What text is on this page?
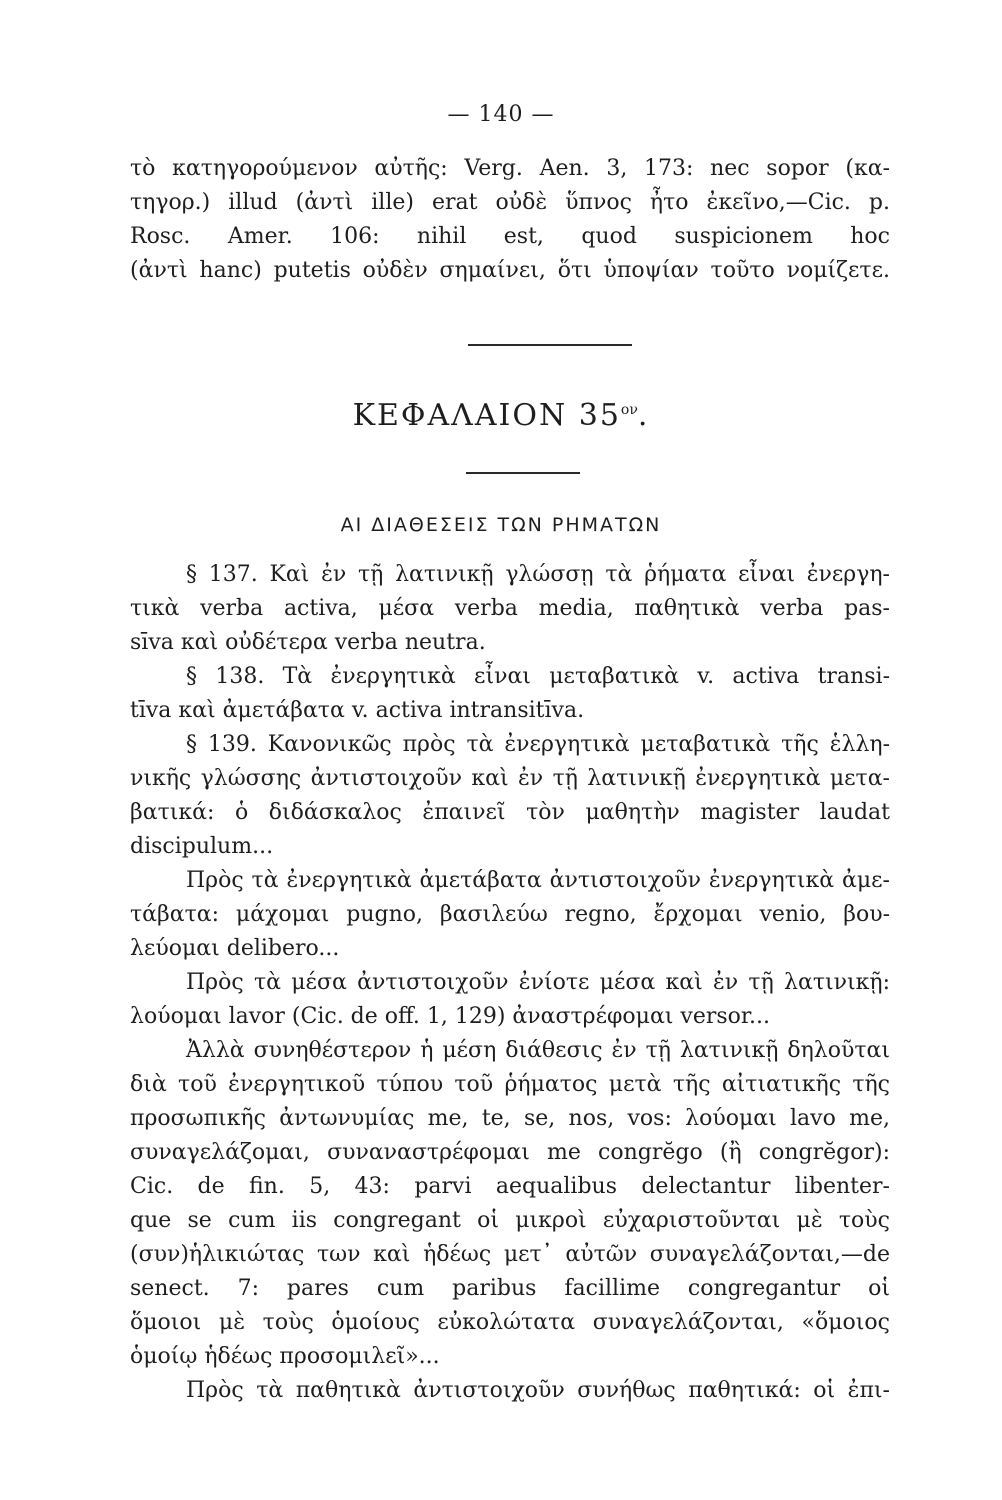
— 140 —
τὸ κατηγορούμενον αὐτῆς: Verg. Aen. 3, 173: nec sopor (κα-
τηγορ.) illud (ἀντὶ ille) erat οὐδὲ ὕπνος ἦτο ἐκεῖνο,—Cic. p.
Rosc. Amer. 106: nihil est, quod suspicionem hoc
(ἀντὶ hanc) putetis οὐδὲν σημαίνει, ὅτι ὑποψίαν τοῦτο νομίζετε.
ΚΕΦΑΛΑΙΟΝ $35^{o\nu}$.
ΑΙ ΔΙΑΘΕΣΕΙΣ ΤΩΝ ΡΗΜΑΤΩΝ
§ 137. Καὶ ἐν τῇ λατινικῇ γλώσσῃ τὰ ῥήματα εἶναι ἐνεργη-
τικὰ verba activa, μέσα verba media, παθητικὰ verba pas-
sīva καὶ οὐδέτερα verba neutra.
§ 138. Τὰ ἐνεργητικὰ εἶναι μεταβατικὰ v. activa transi-
tīva καὶ ἀμετάβατα v. activa intransitīva.
§ 139. Κανονικῶς πρὸς τὰ ἐνεργητικὰ μεταβατικὰ τῆς ἑλλη-
νικῆς γλώσσης ἀντιστοιχοῦν καὶ ἐν τῇ λατινικῇ ἐνεργητικὰ μετα-
βατικά: ὁ διδάσκαλος ἐπαινεῖ τὸν μαθητὴν magister laudat
discipulum...
Πρὸς τὰ ἐνεργητικὰ ἀμετάβατα ἀντιστοιχοῦν ἐνεργητικὰ ἀμε-
τάβατα: μάχομαι pugno, βασιλεύω regno, ἔρχομαι venio, βου-
λεύομαι delibero...
Πρὸς τὰ μέσα ἀντιστοιχοῦν ἐνίοτε μέσα καὶ ἐν τῇ λατινικῇ:
λούομαι lavor (Cic. de off. 1, 129) ἀναστρέφομαι versor...
Ἀλλὰ συνηθέστερον ἡ μέση διάθεσις ἐν τῇ λατινικῇ δηλοῦται
διὰ τοῦ ἐνεργητικοῦ τύπου τοῦ ῥήματος μετὰ τῆς αἰτιατικῆς τῆς
προσωπικῆς ἀντωνυμίας me, te, se, nos, vos: λούομαι lavo me,
συναγελάζομαι, συναναστρέφομαι me congrĕgo (ἢ congrĕgor):
Cic. de fin. 5, 43: parvi aequalibus delectantur libenter-
que se cum iis congregant οἱ μικροὶ εὐχαριστοῦνται μὲ τοὺς
(συν)ἡλικιώτας των καὶ ἡδέως μετ᾽ αὐτῶν συναγελάζονται,—de
senect. 7: pares cum paribus facillime congregantur οἱ
ὅμοιοι μὲ τοὺς ὁμοίους εὐκολώτατα συναγελάζονται, «ὅμοιος
ὁμοίῳ ἡδέως προσομιλεῖ»...
Πρὸς τὰ παθητικὰ ἀντιστοιχοῦν συνήθως παθητικά: οἱ ἐπι-
